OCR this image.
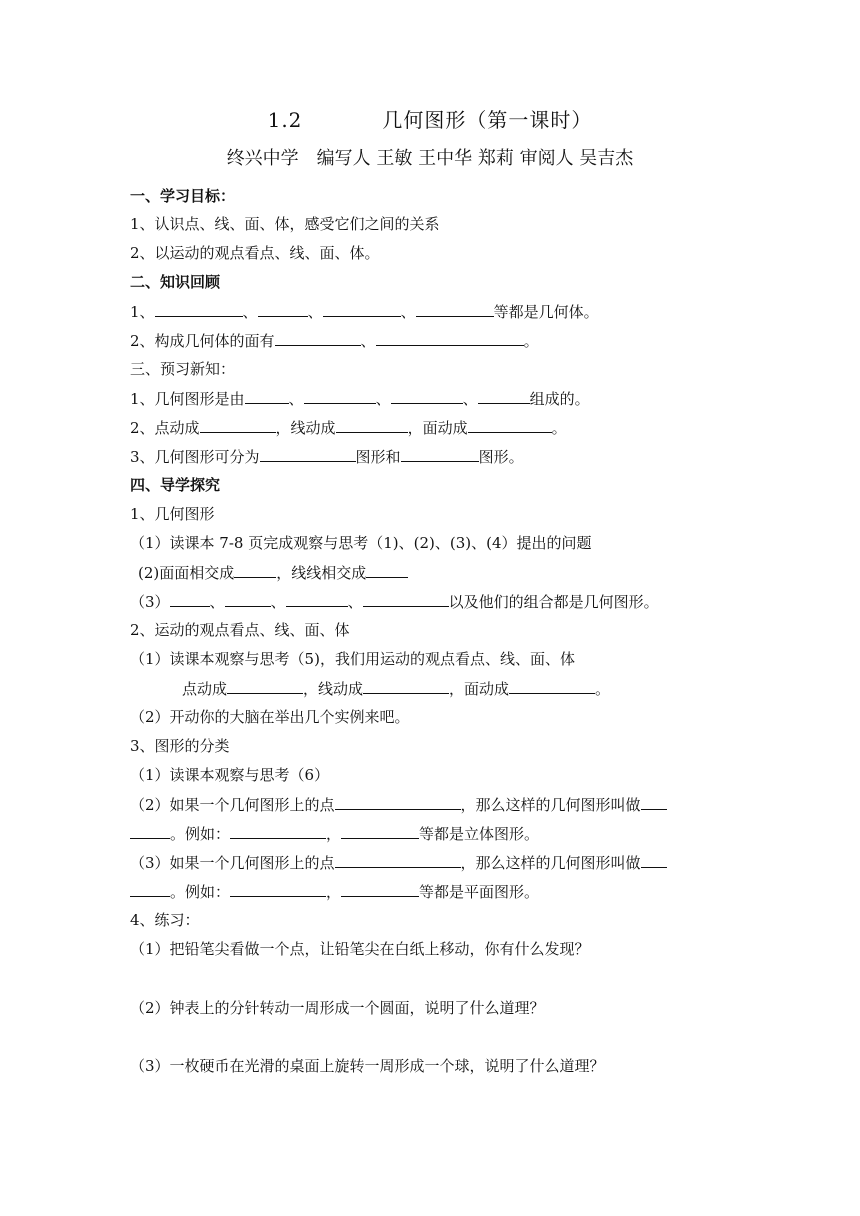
1.2	几何图形（第一课时）
终兴中学　编写人 王敏 王中华 郑莉 审阅人 吴吉杰
一、学习目标：
1、认识点、线、面、体，感受它们之间的关系
2、以运动的观点看点、线、面、体。
二、知识回顾
1、	、	、	、	等都是几何体。
2、构成几何体的面有	、	。
三、预习新知：
1、几何图形是由	、	、	、	组成的。
2、点动成	，线动成	，面动成	。
3、几何图形可分为	图形和	图形。
四、导学探究
1、几何图形
（1）读课本 7-8 页完成观察与思考（1)、(2)、(3)、(4）提出的问题
(2)面面相交成	，线线相交成
（3）	、	、	、	以及他们的组合都是几何图形。
2、运动的观点看点、线、面、体
（1）读课本观察与思考（5)，我们用运动的观点看点、线、面、体
点动成	，线动成	，面动成	。
（2）开动你的大脑在举出几个实例来吧。
3、图形的分类
（1）读课本观察与思考（6）
（2）如果一个几何图形上的点	，那么这样的几何图形叫做
。例如：	，	等都是立体图形。
（3）如果一个几何图形上的点	，那么这样的几何图形叫做
。例如：	，	等都是平面图形。
4、练习：
（1）把铅笔尖看做一个点，让铅笔尖在白纸上移动，你有什么发现？
（2）钟表上的分针转动一周形成一个圆面，说明了什么道理？
（3）一枚硬币在光滑的桌面上旋转一周形成一个球，说明了什么道理？
